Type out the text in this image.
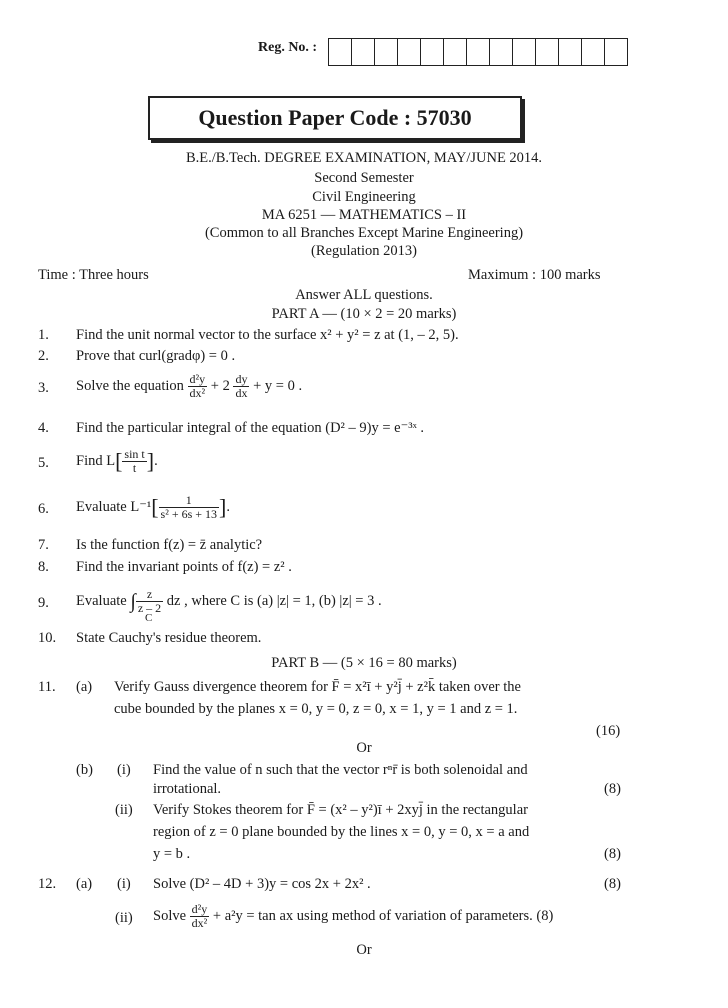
Reg. No. :
Question Paper Code : 57030
B.E./B.Tech. DEGREE EXAMINATION, MAY/JUNE 2014.
Second Semester
Civil Engineering
MA 6251 — MATHEMATICS – II
(Common to all Branches Except Marine Engineering)
(Regulation 2013)
Time : Three hours	Maximum : 100 marks
Answer ALL questions.
PART A — (10 × 2 = 20 marks)
1. Find the unit normal vector to the surface x² + y² = z at (1, – 2, 5).
2. Prove that curl(gradφ) = 0 .
3. Solve the equation $\frac{\text{d²y}}{\text{dx²}} + 2 \frac{dy}{dx} + y = 0$ .
4. Find the particular integral of the equation (D² – 9)y = e⁻³ˣ .
5. Find $L[ \frac{\text{sin t}}{t}$ ].
6. Evaluate $L^{-1}[ \frac{1}{\text{s² + 6s + 13}}$ ].
7. Is the function f(z) = z̄ analytic?
8. Find the invariant points of f(z) = z² .
9. Evaluate ∫ $\frac{z}{z - 2}$ dz , where C is (a) |z| = 1, (b) |z| = 3 .
C
10. State Cauchy's residue theorem.
PART B — (5 × 16 = 80 marks)
11. (a) Verify Gauss divergence theorem for F̄ = x²ī + y²j̄ + z²k̄ taken over the
cube bounded by the planes x = 0, y = 0, z = 0, x = 1, y = 1 and z = 1.
(16)
Or
(b) (i) Find the value of n such that the vector rⁿr̄ is both solenoidal and
irrotational.	(8)
(ii) Verify Stokes theorem for F̄ = (x² – y²)ī + 2xyj̄ in the rectangular
region of z = 0 plane bounded by the lines x = 0, y = 0, x = a and
y = b .	(8)
12. (a) (i) Solve (D² – 4D + 3)y = cos 2x + 2x² .	(8)
(ii) Solve $\frac{\text{d²y}}{\text{dx²}} + a^2y = \tan$ ax using method of variation of parameters. (8)
Or
